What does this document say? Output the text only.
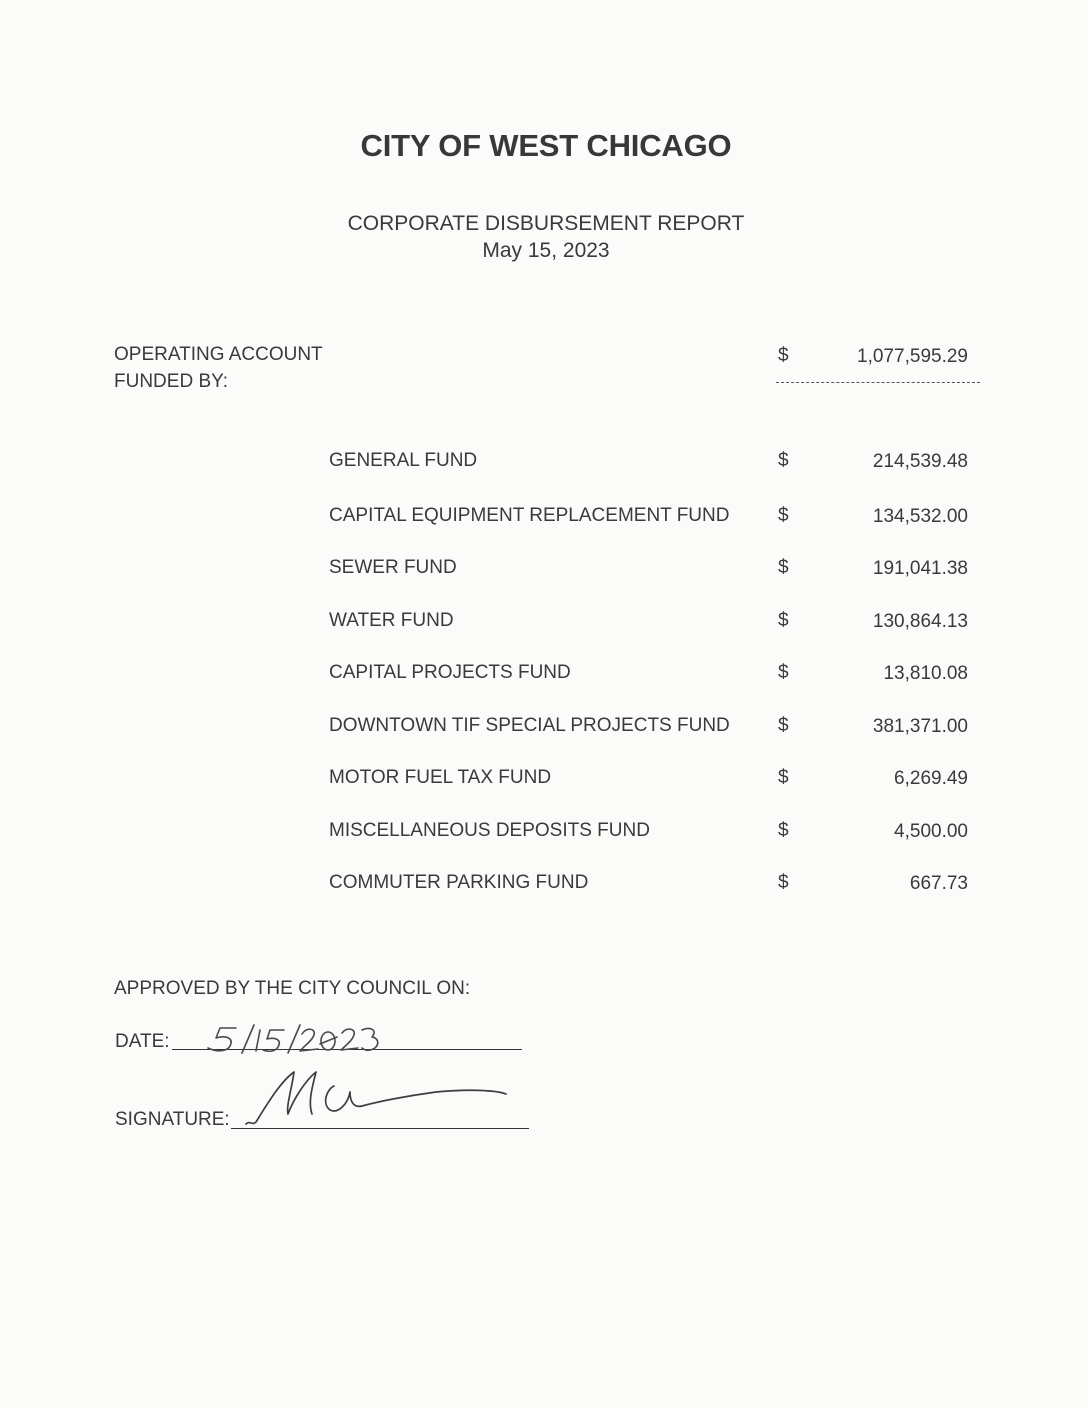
CITY OF WEST CHICAGO
CORPORATE DISBURSEMENT REPORT
May 15, 2023
OPERATING ACCOUNT
FUNDED BY:
$	1,077,595.29
GENERAL FUND	$	214,539.48
CAPITAL EQUIPMENT REPLACEMENT FUND	$	134,532.00
SEWER FUND	$	191,041.38
WATER FUND	$	130,864.13
CAPITAL PROJECTS FUND	$	13,810.08
DOWNTOWN TIF SPECIAL PROJECTS FUND	$	381,371.00
MOTOR FUEL TAX FUND	$	6,269.49
MISCELLANEOUS DEPOSITS FUND	$	4,500.00
COMMUTER PARKING FUND	$	667.73
APPROVED BY THE CITY COUNCIL ON:
DATE:
SIGNATURE:
